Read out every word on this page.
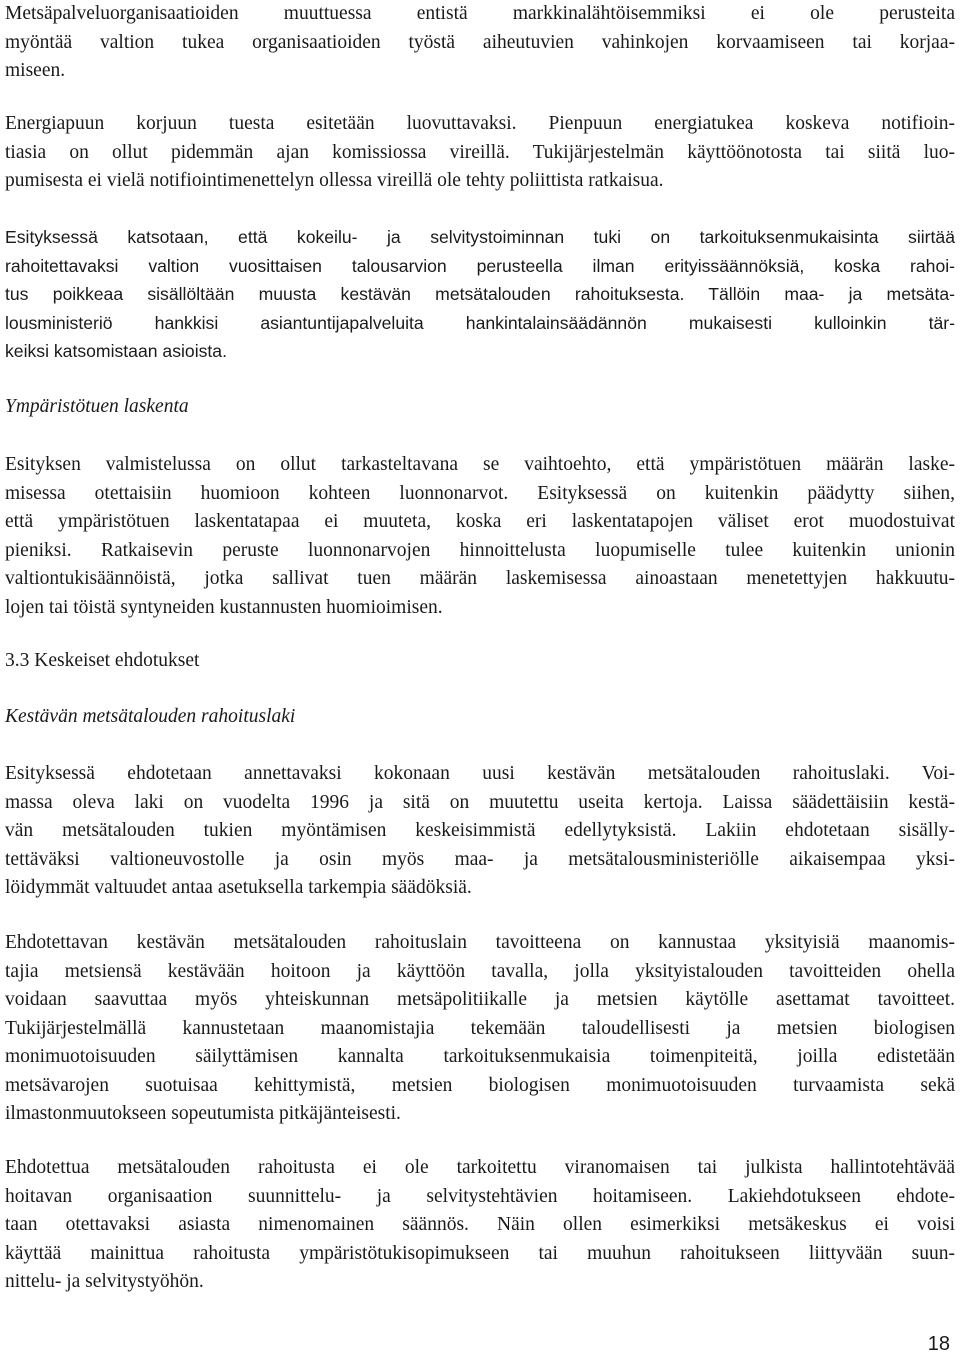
Metsäpalveluorganisaatioiden muuttuessa entistä markkinalähtöisemmiksi ei ole perusteita
myöntää valtion tukea organisaatioiden työstä aiheutuvien vahinkojen korvaamiseen tai korjaa-
miseen.
Energiapuun korjuun tuesta esitetään luovuttavaksi. Pienpuun energiatukea koskeva notifioin-
tiasia on ollut pidemmän ajan komissiossa vireillä. Tukijärjestelmän käyttöönotosta tai siitä luo-
pumisesta ei vielä notifiointimenettelyn ollessa vireillä ole tehty poliittista ratkaisua.
Esityksessä katsotaan, että kokeilu- ja selvitystoiminnan tuki on tarkoituksenmukaisinta siirtää
rahoitettavaksi valtion vuosittaisen talousarvion perusteella ilman erityissäännöksiä, koska rahoi-
tus poikkeaa sisällöltään muusta kestävän metsätalouden rahoituksesta. Tällöin maa- ja metsäta-
lousministeriö hankkisi asiantuntijapalveluita hankintalainsäädännön mukaisesti kulloinkin tär-
keiksi katsomistaan asioista.
Ympäristötuen laskenta
Esityksen valmistelussa on ollut tarkasteltavana se vaihtoehto, että ympäristötuen määrän laske-
misessa otettaisiin huomioon kohteen luonnonarvot. Esityksessä on kuitenkin päädytty siihen,
että ympäristötuen laskentatapaa ei muuteta, koska eri laskentatapojen väliset erot muodostuivat
pieniksi. Ratkaisevin peruste luonnonarvojen hinnoittelusta luopumiselle tulee kuitenkin unionin
valtiontukisäännöistä, jotka sallivat tuen määrän laskemisessa ainoastaan menetettyjen hakkuutu-
lojen tai töistä syntyneiden kustannusten huomioimisen.
3.3 Keskeiset ehdotukset
Kestävän metsätalouden rahoituslaki
Esityksessä ehdotetaan annettavaksi kokonaan uusi kestävän metsätalouden rahoituslaki. Voi-
massa oleva laki on vuodelta 1996 ja sitä on muutettu useita kertoja. Laissa säädettäisiin kestä-
vän metsätalouden tukien myöntämisen keskeisimmistä edellytyksistä. Lakiin ehdotetaan sisälly-
tettäväksi valtioneuvostolle ja osin myös maa- ja metsätalousministeriölle aikaisempaa yksi-
löidymmät valtuudet antaa asetuksella tarkempia säädöksiä.
Ehdotettavan kestävän metsätalouden rahoituslain tavoitteena on kannustaa yksityisiä maanomis-
tajia metsiensä kestävään hoitoon ja käyttöön tavalla, jolla yksityistalouden tavoitteiden ohella
voidaan saavuttaa myös yhteiskunnan metsäpolitiikalle ja metsien käytölle asettamat tavoitteet.
Tukijärjestelmällä kannustetaan maanomistajia tekemään taloudellisesti ja metsien biologisen
monimuotoisuuden säilyttämisen kannalta tarkoituksenmukaisia toimenpiteitä, joilla edistetään
metsävarojen suotuisaa kehittymistä, metsien biologisen monimuotoisuuden turvaamista sekä
ilmastonmuutokseen sopeutumista pitkäjänteisesti.
Ehdotettua metsätalouden rahoitusta ei ole tarkoitettu viranomaisen tai julkista hallintotehtävää
hoitavan organisaation suunnittelu- ja selvitystehtävien hoitamiseen. Lakiehdotukseen ehdote-
taan otettavaksi asiasta nimenomainen säännös. Näin ollen esimerkiksi metsäkeskus ei voisi
käyttää mainittua rahoitusta ympäristötukisopimukseen tai muuhun rahoitukseen liittyvään suun-
nittelu- ja selvitystyöhön.
18
